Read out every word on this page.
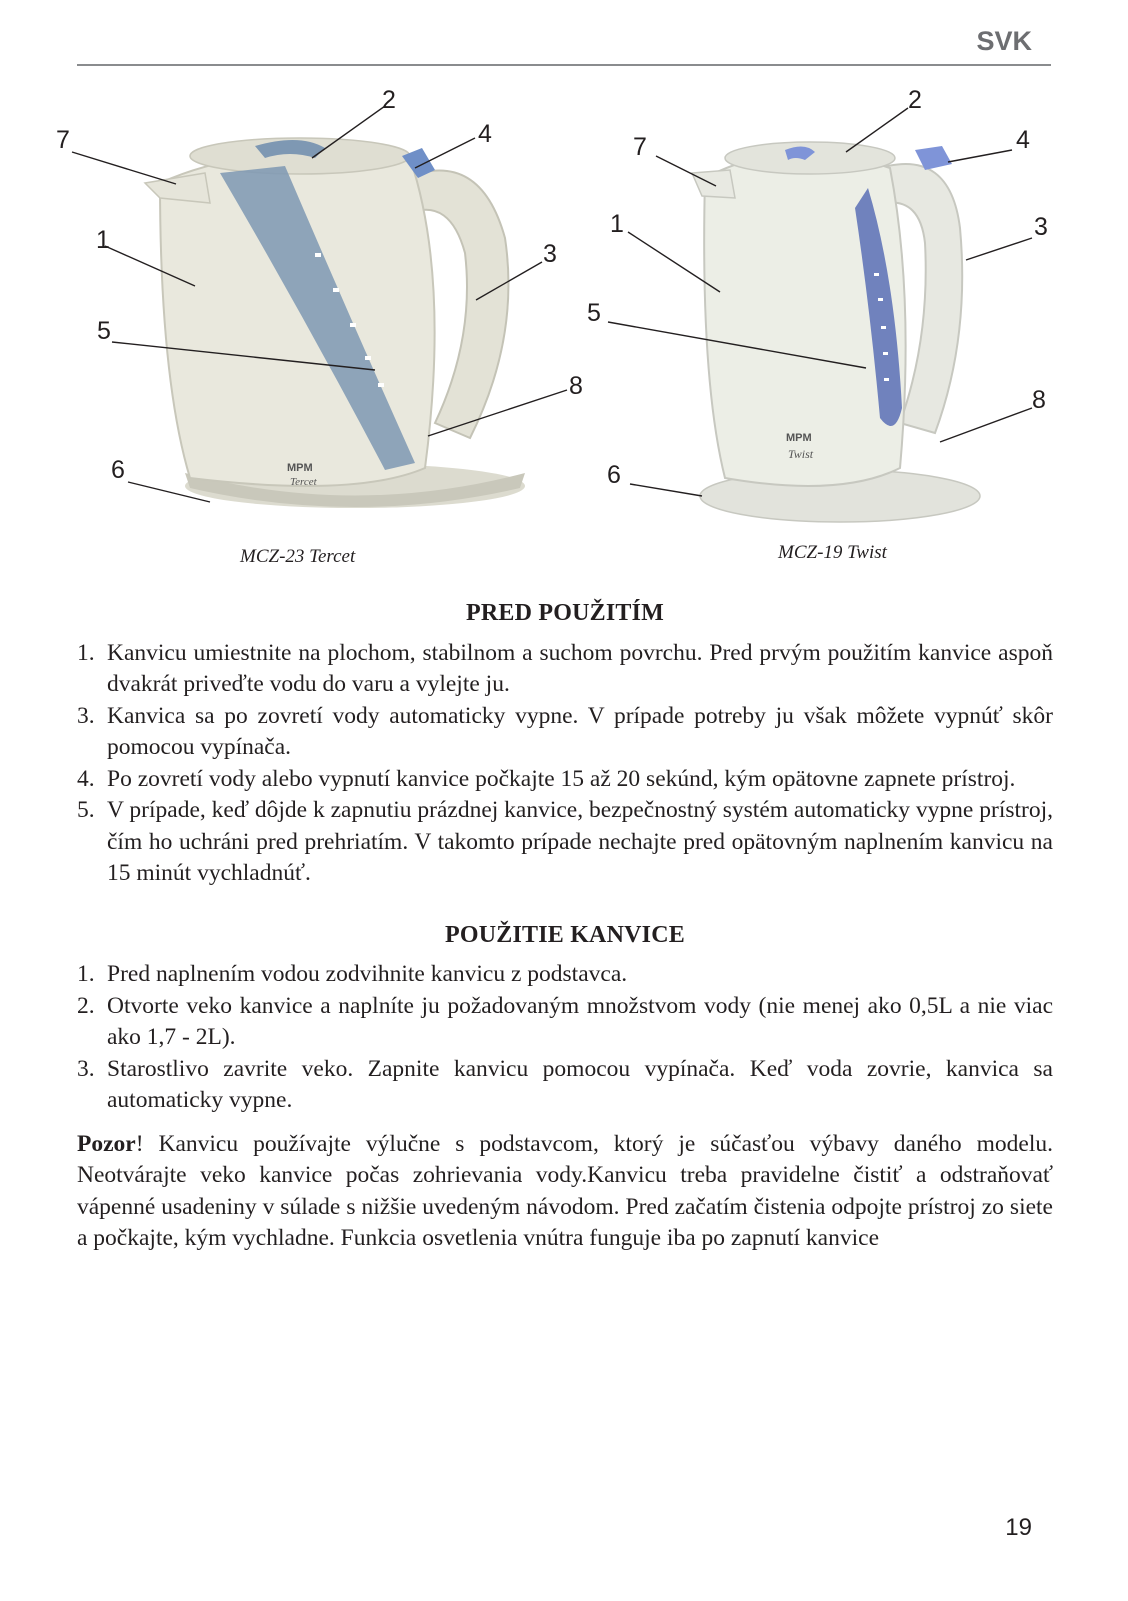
SVK
MPM
Tercet
2
4
7
1	3
5
8
6
MPM
Twist
2
4
7
1	3
5
8
6
MCZ-23 Tercet	MCZ-19 Twist
PRED POUŽITÍM
1. Kanvicu umiestnite na plochom, stabilnom a suchom povrchu. Pred prvým použitím kanvice aspoň dvakrát priveďte vodu do varu a vylejte ju.
3. Kanvica sa po zovretí vody automaticky vypne. V prípade potreby ju však môžete vypnúť skôr pomocou vypínača.
4. Po zovretí vody alebo vypnutí kanvice počkajte 15 až 20 sekúnd, kým opätovne zapnete prístroj.
5. V prípade, keď dôjde k zapnutiu prázdnej kanvice, bezpečnostný systém automaticky vypne prístroj, čím ho uchráni pred prehriatím. V takomto prípade nechajte pred opätovným naplnením kanvicu na 15 minút vychladnúť.
POUŽITIE KANVICE
1. Pred naplnením vodou zodvihnite kanvicu z podstavca.
2. Otvorte veko kanvice a naplníte ju požadovaným množstvom vody (nie menej ako 0,5L a nie viac ako 1,7 - 2L).
3. Starostlivo zavrite veko. Zapnite kanvicu pomocou vypínača. Keď voda zovrie, kanvica sa automaticky vypne.

Pozor! Kanvicu používajte výlučne s podstavcom, ktorý je súčasťou výbavy daného modelu. Neotvárajte veko kanvice počas zohrievania vody.Kanvicu treba pravidelne čistiť a odstraňovať vápenné usadeniny v súlade s nižšie uvedeným návodom. Pred začatím čistenia odpojte prístroj zo siete a počkajte, kým vychladne. Funkcia osvetlenia vnútra funguje iba po zapnutí kanvice

19
